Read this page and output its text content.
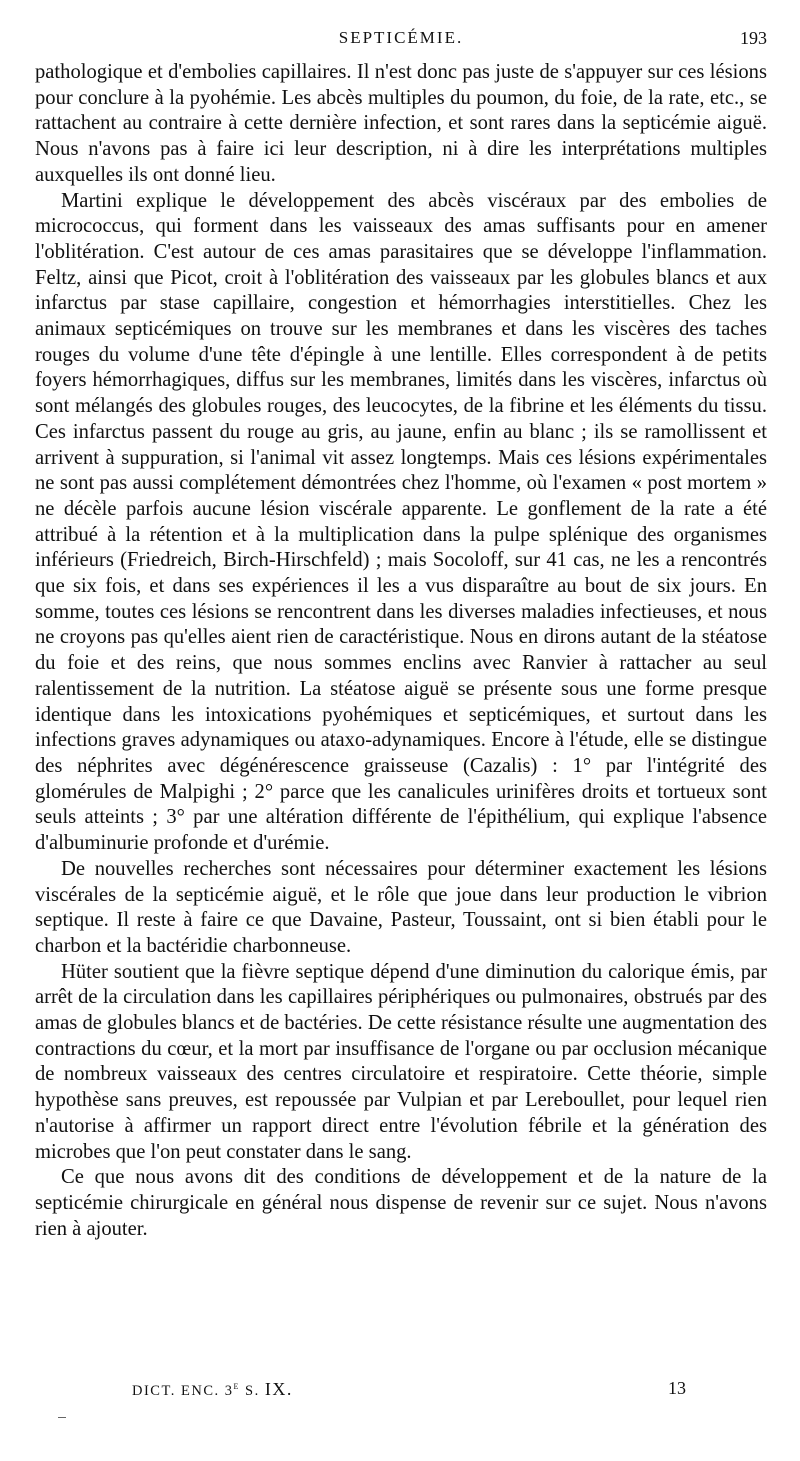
SEPTICÉMIE.	193

pathologique et d'embolies capillaires. Il n'est donc pas juste de s'appuyer sur ces lésions pour conclure à la pyohémie. Les abcès multiples du poumon, du foie, de la rate, etc., se rattachent au contraire à cette dernière infection, et sont rares dans la septicémie aiguë. Nous n'avons pas à faire ici leur description, ni à dire les interprétations multiples auxquelles ils ont donné lieu.

Martini explique le développement des abcès viscéraux par des embolies de micrococcus, qui forment dans les vaisseaux des amas suffisants pour en amener l'oblitération. C'est autour de ces amas parasitaires que se développe l'inflammation. Feltz, ainsi que Picot, croit à l'oblitération des vaisseaux par les globules blancs et aux infarctus par stase capillaire, congestion et hémorrhagies interstitielles. Chez les animaux septicémiques on trouve sur les membranes et dans les viscères des taches rouges du volume d'une tête d'épingle à une lentille. Elles correspondent à de petits foyers hémorrhagiques, diffus sur les membranes, limités dans les viscères, infarctus où sont mélangés des globules rouges, des leucocytes, de la fibrine et les éléments du tissu. Ces infarctus passent du rouge au gris, au jaune, enfin au blanc ; ils se ramollissent et arrivent à suppuration, si l'animal vit assez longtemps. Mais ces lésions expérimentales ne sont pas aussi complétement démontrées chez l'homme, où l'examen « post mortem » ne décèle parfois aucune lésion viscérale apparente. Le gonflement de la rate a été attribué à la rétention et à la multiplication dans la pulpe splénique des organismes inférieurs (Friedreich, Birch-Hirschfeld) ; mais Socoloff, sur 41 cas, ne les a rencontrés que six fois, et dans ses expériences il les a vus disparaître au bout de six jours. En somme, toutes ces lésions se rencontrent dans les diverses maladies infectieuses, et nous ne croyons pas qu'elles aient rien de caractéristique. Nous en dirons autant de la stéatose du foie et des reins, que nous sommes enclins avec Ranvier à rattacher au seul ralentissement de la nutrition. La stéatose aiguë se présente sous une forme presque identique dans les intoxications pyohémiques et septicémiques, et surtout dans les infections graves adynamiques ou ataxo-adynamiques. Encore à l'étude, elle se distingue des néphrites avec dégénérescence graisseuse (Cazalis) : 1° par l'intégrité des glomérules de Malpighi ; 2° parce que les canalicules urinifères droits et tortueux sont seuls atteints ; 3° par une altération différente de l'épithélium, qui explique l'absence d'albuminurie profonde et d'urémie.

De nouvelles recherches sont nécessaires pour déterminer exactement les lésions viscérales de la septicémie aiguë, et le rôle que joue dans leur production le vibrion septique. Il reste à faire ce que Davaine, Pasteur, Toussaint, ont si bien établi pour le charbon et la bactéridie charbonneuse.

Hüter soutient que la fièvre septique dépend d'une diminution du calorique émis, par arrêt de la circulation dans les capillaires périphériques ou pulmonaires, obstrués par des amas de globules blancs et de bactéries. De cette résistance résulte une augmentation des contractions du cœur, et la mort par insuffisance de l'organe ou par occlusion mécanique de nombreux vaisseaux des centres circulatoire et respiratoire. Cette théorie, simple hypothèse sans preuves, est repoussée par Vulpian et par Lereboullet, pour lequel rien n'autorise à affirmer un rapport direct entre l'évolution fébrile et la génération des microbes que l'on peut constater dans le sang.

Ce que nous avons dit des conditions de développement et de la nature de la septicémie chirurgicale en général nous dispense de revenir sur ce sujet. Nous n'avons rien à ajouter.

DICT. ENC. 3e S. IX.	13
